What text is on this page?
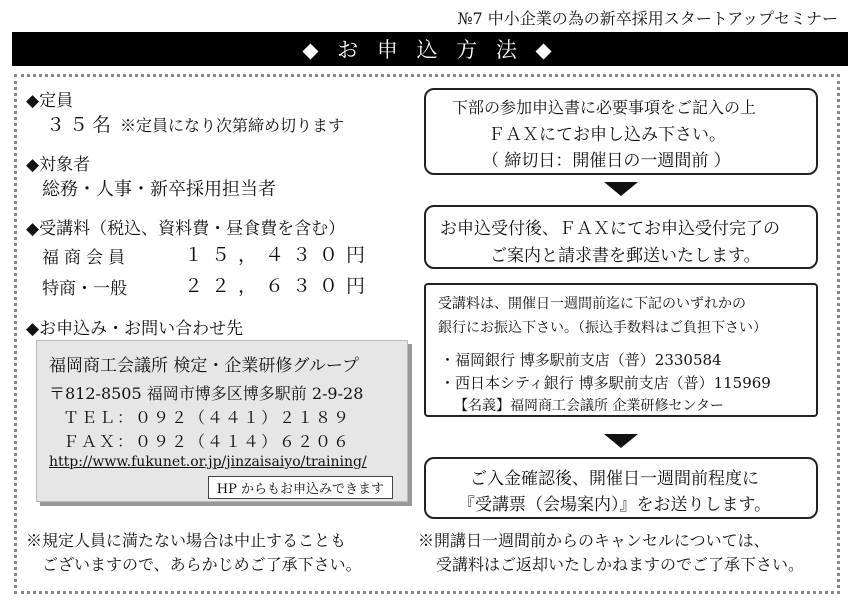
№7 中小企業の為の新卒採用スタートアップセミナー
◆ お 申 込 方 法 ◆
◆定員
３５名 ※定員になり次第締め切ります
◆対象者
総務・人事・新卒採用担当者
◆受講料（税込、資料費・昼食費を含む）
福商会員	１５，４３０円
特商・一般	２２，６３０円
◆お申込み・お問い合わせ先
福岡商工会議所 検定・企業研修グループ
〒812-8505 福岡市博多区博多駅前 2-9-28
ＴＥＬ：０９２（４４１）２１８９
ＦＡＸ：０９２（４１４）６２０６
http://www.fukunet.or.jp/jinzaisaiyo/training/
HP からもお申込みできます
※規定人員に満たない場合は中止することも
ございますので、あらかじめご了承下さい。
下部の参加申込書に必要事項をご記入の上
ＦＡＸにてお申し込み下さい。
（ 締切日：開催日の一週間前 ）
お申込受付後、ＦＡＸにてお申込受付完了の
ご案内と請求書を郵送いたします。
受講料は、開催日一週間前迄に下記のいずれかの
銀行にお振込下さい。（振込手数料はご負担下さい）
・福岡銀行 博多駅前支店（普）2330584
・西日本シティ銀行 博多駅前支店（普）115969
【名義】福岡商工会議所 企業研修センター
ご入金確認後、開催日一週間前程度に
『受講票（会場案内）』をお送りします。
※開講日一週間前からのキャンセルについては、
受講料はご返却いたしかねますのでご了承下さい。
